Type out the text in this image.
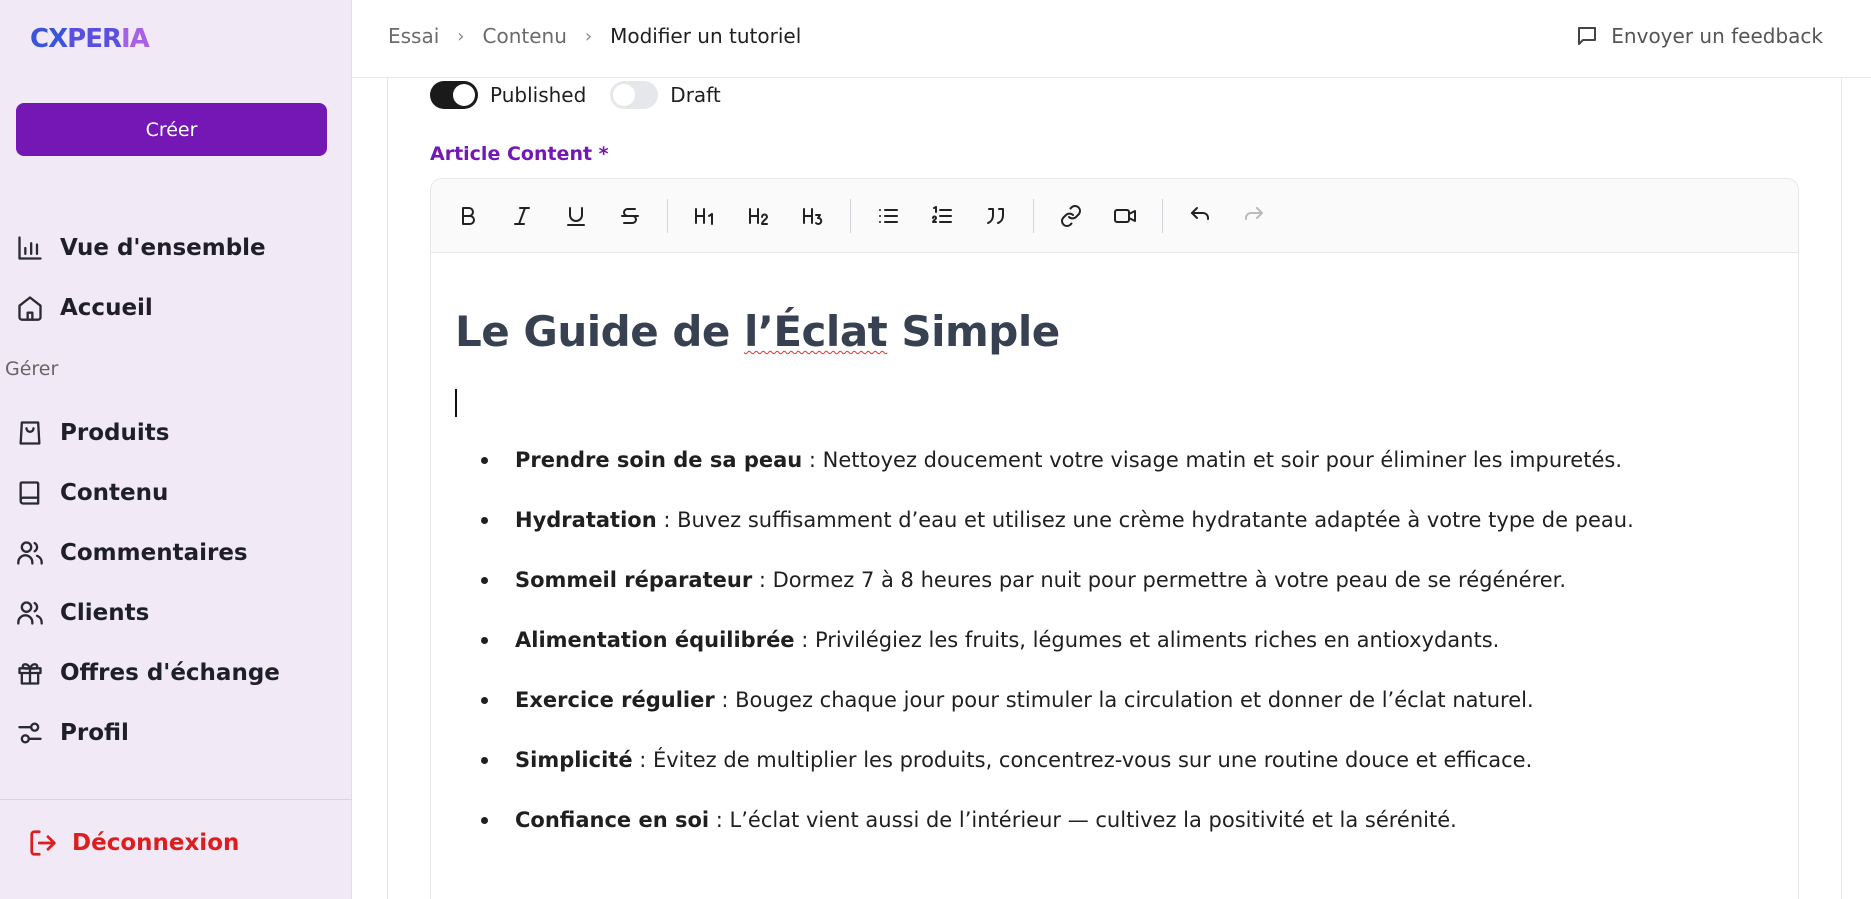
CX PER IA
Créer
Vue d'ensemble
Accueil
Gérer
Produits
Contenu
Commentaires
Clients
Offres d'échange
Profil
Déconnexion
Essai › Contenu › Modifier un tutoriel	Envoyer un feedback
Published	Draft
Article Content *
Le Guide de l’Éclat Simple
Prendre soin de sa peau : Nettoyez doucement votre visage matin et soir pour éliminer les impuretés.
Hydratation : Buvez suffisamment d’eau et utilisez une crème hydratante adaptée à votre type de peau.
Sommeil réparateur : Dormez 7 à 8 heures par nuit pour permettre à votre peau de se régénérer.
Alimentation équilibrée : Privilégiez les fruits, légumes et aliments riches en antioxydants.
Exercice régulier : Bougez chaque jour pour stimuler la circulation et donner de l’éclat naturel.
Simplicité : Évitez de multiplier les produits, concentrez-vous sur une routine douce et efficace.
Confiance en soi : L’éclat vient aussi de l’intérieur — cultivez la positivité et la sérénité.
